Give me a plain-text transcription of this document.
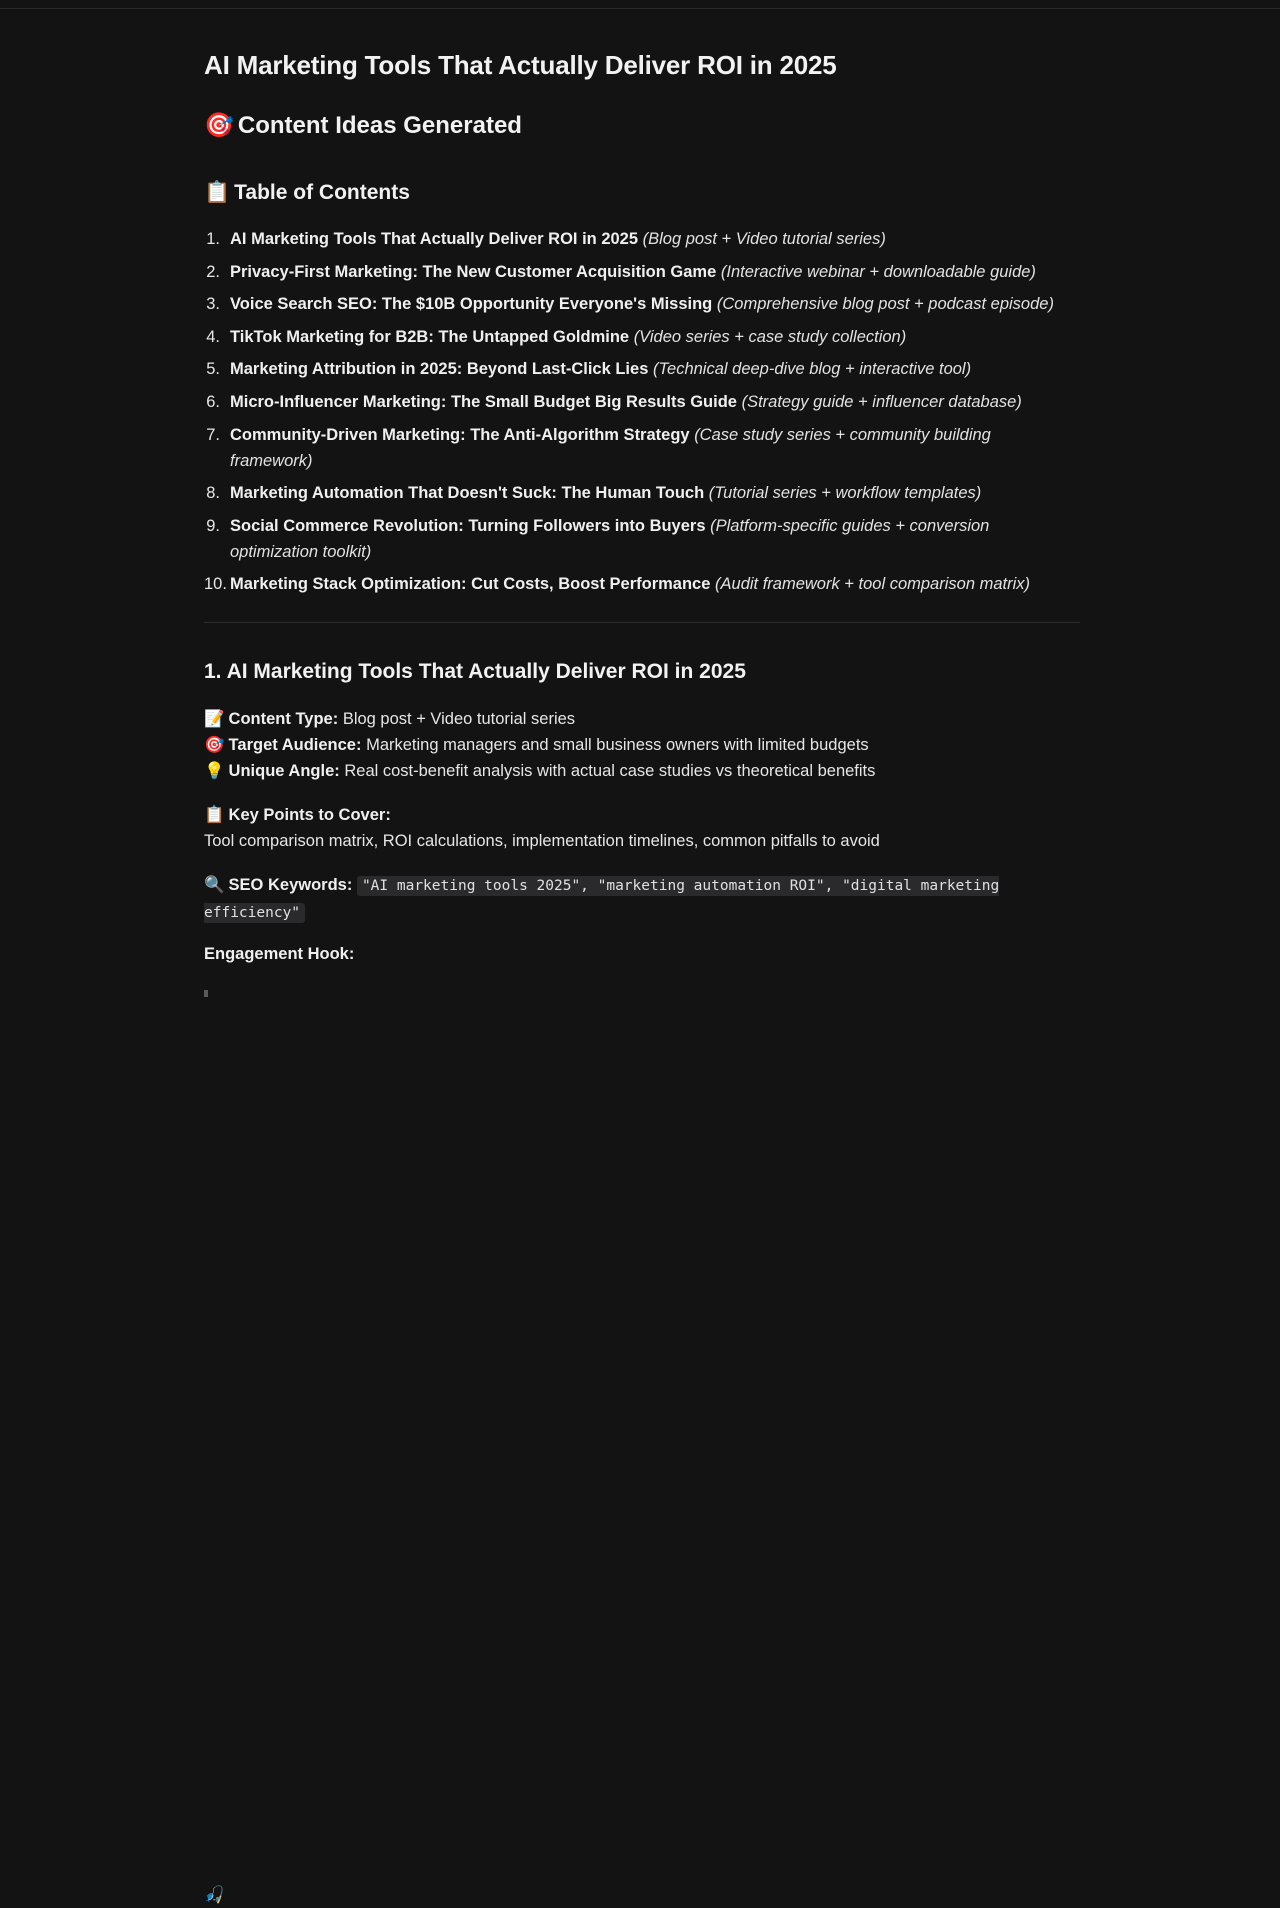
AI Marketing Tools That Actually Deliver ROI in 2025
🎯 Content Ideas Generated
📋 Table of Contents
1. AI Marketing Tools That Actually Deliver ROI in 2025 (Blog post + Video tutorial series)
2. Privacy-First Marketing: The New Customer Acquisition Game (Interactive webinar + downloadable guide)
3. Voice Search SEO: The $10B Opportunity Everyone's Missing (Comprehensive blog post + podcast episode)
4. TikTok Marketing for B2B: The Untapped Goldmine (Video series + case study collection)
5. Marketing Attribution in 2025: Beyond Last-Click Lies (Technical deep-dive blog + interactive tool)
6. Micro-Influencer Marketing: The Small Budget Big Results Guide (Strategy guide + influencer database)
7. Community-Driven Marketing: The Anti-Algorithm Strategy (Case study series + community building framework)
8. Marketing Automation That Doesn't Suck: The Human Touch (Tutorial series + workflow templates)
9. Social Commerce Revolution: Turning Followers into Buyers (Platform-specific guides + conversion optimization toolkit)
10. Marketing Stack Optimization: Cut Costs, Boost Performance (Audit framework + tool comparison matrix)
1. AI Marketing Tools That Actually Deliver ROI in 2025
📝 Content Type: Blog post + Video tutorial series
🎯 Target Audience: Marketing managers and small business owners with limited budgets
💡 Unique Angle: Real cost-benefit analysis with actual case studies vs theoretical benefits
📋 Key Points to Cover:
Tool comparison matrix, ROI calculations, implementation timelines, common pitfalls to avoid
🔍 SEO Keywords: "AI marketing tools 2025", "marketing automation ROI", "digital marketing efficiency"
🎣
Engagement Hook:
